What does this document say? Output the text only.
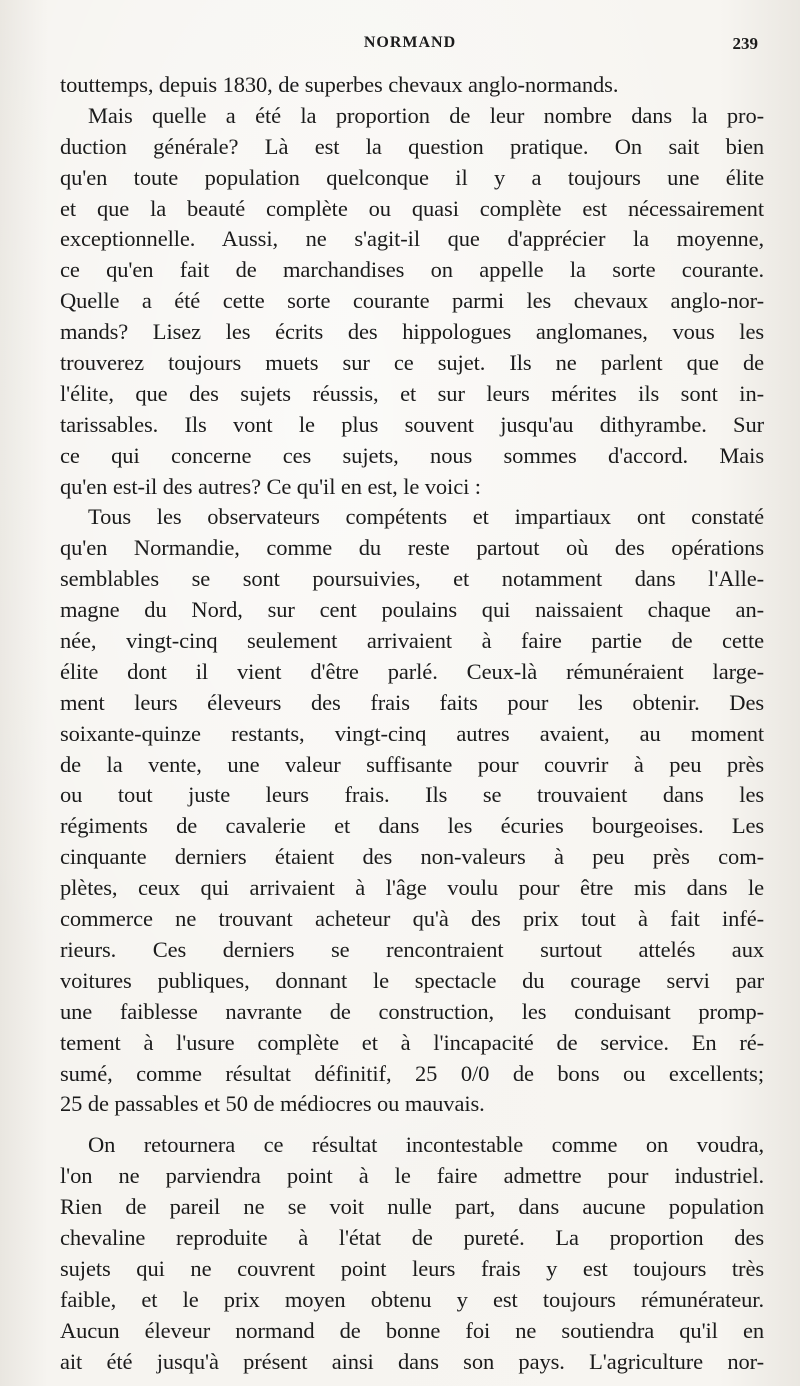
NORMAND	239
touttemps, depuis 1830, de superbes chevaux anglo-normands.
Mais quelle a été la proportion de leur nombre dans la pro-
duction générale? Là est la question pratique. On sait bien
qu'en toute population quelconque il y a toujours une élite
et que la beauté complète ou quasi complète est nécessairement
exceptionnelle. Aussi, ne s'agit-il que d'apprécier la moyenne,
ce qu'en fait de marchandises on appelle la sorte courante.
Quelle a été cette sorte courante parmi les chevaux anglo-nor-
mands? Lisez les écrits des hippologues anglomanes, vous les
trouverez toujours muets sur ce sujet. Ils ne parlent que de
l'élite, que des sujets réussis, et sur leurs mérites ils sont in-
tarissables. Ils vont le plus souvent jusqu'au dithyrambe. Sur
ce qui concerne ces sujets, nous sommes d'accord. Mais
qu'en est-il des autres? Ce qu'il en est, le voici :
Tous les observateurs compétents et impartiaux ont constaté
qu'en Normandie, comme du reste partout où des opérations
semblables se sont poursuivies, et notamment dans l'Alle-
magne du Nord, sur cent poulains qui naissaient chaque an-
née, vingt-cinq seulement arrivaient à faire partie de cette
élite dont il vient d'être parlé. Ceux-là rémunéraient large-
ment leurs éleveurs des frais faits pour les obtenir. Des
soixante-quinze restants, vingt-cinq autres avaient, au moment
de la vente, une valeur suffisante pour couvrir à peu près
ou tout juste leurs frais. Ils se trouvaient dans les
régiments de cavalerie et dans les écuries bourgeoises. Les
cinquante derniers étaient des non-valeurs à peu près com-
plètes, ceux qui arrivaient à l'âge voulu pour être mis dans le
commerce ne trouvant acheteur qu'à des prix tout à fait infé-
rieurs. Ces derniers se rencontraient surtout attelés aux
voitures publiques, donnant le spectacle du courage servi par
une faiblesse navrante de construction, les conduisant promp-
tement à l'usure complète et à l'incapacité de service. En ré-
sumé, comme résultat définitif, 25 0/0 de bons ou excellents;
25 de passables et 50 de médiocres ou mauvais.
On retournera ce résultat incontestable comme on voudra,
l'on ne parviendra point à le faire admettre pour industriel.
Rien de pareil ne se voit nulle part, dans aucune population
chevaline reproduite à l'état de pureté. La proportion des
sujets qui ne couvrent point leurs frais y est toujours très
faible, et le prix moyen obtenu y est toujours rémunérateur.
Aucun éleveur normand de bonne foi ne soutiendra qu'il en
ait été jusqu'à présent ainsi dans son pays. L'agriculture nor-
